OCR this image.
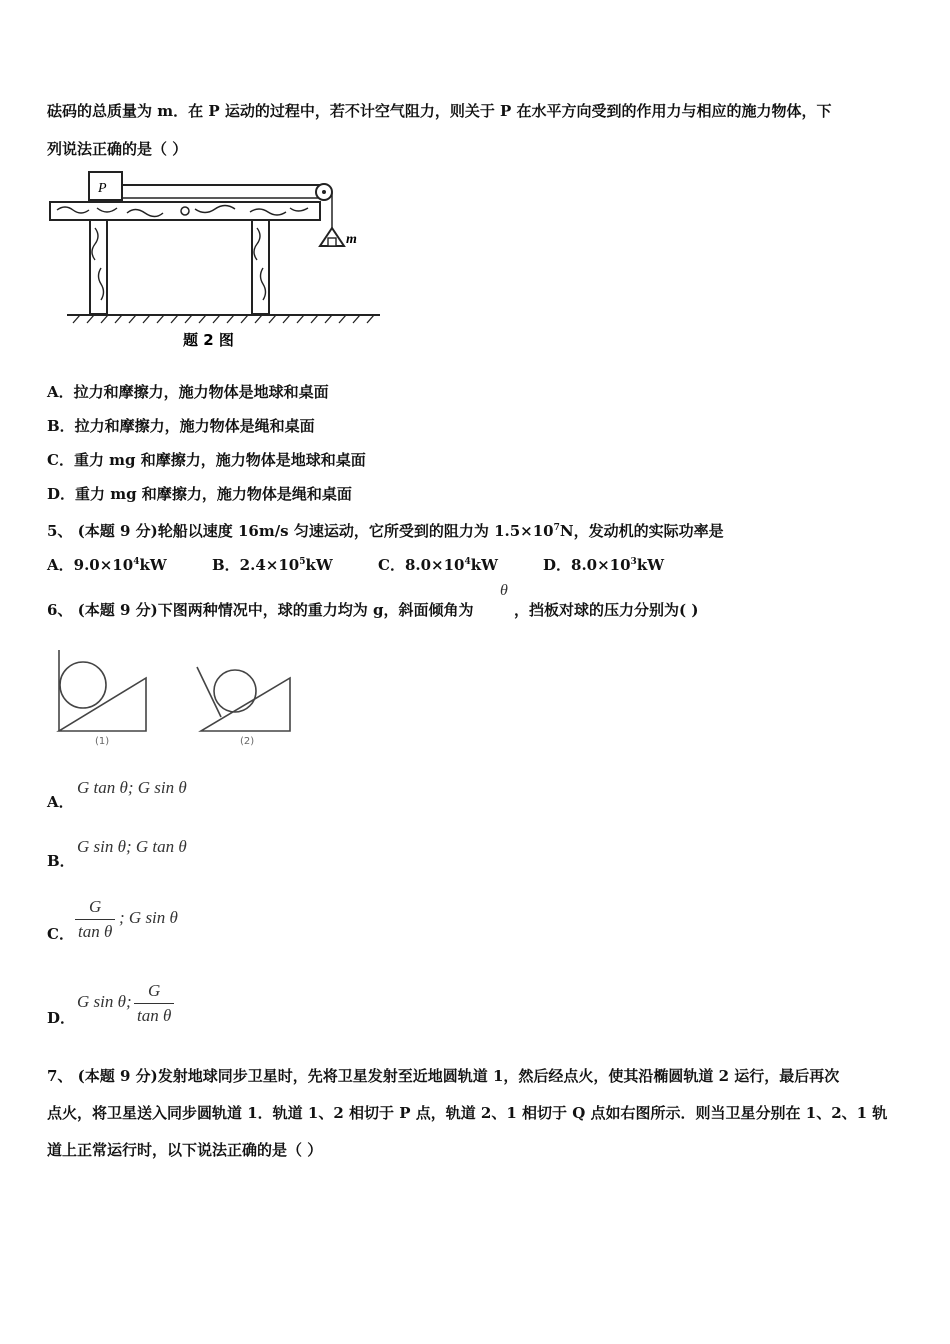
砝码的总质量为 m．在 P 运动的过程中，若不计空气阻力，则关于 P 在水平方向受到的作用力与相应的施力物体，下
列说法正确的是（ ）
P
m
题 2 图
A．拉力和摩擦力，施力物体是地球和桌面
B．拉力和摩擦力，施力物体是绳和桌面
C．重力 mg 和摩擦力，施力物体是地球和桌面
D．重力 mg 和摩擦力，施力物体是绳和桌面
5、 (本题 9 分)轮船以速度 16m/s 匀速运动，它所受到的阻力为 $1.5\times 10^7N$，发动机的实际功率是
A．$9.0\times 10^4kW$	B．$2.4\times 10^5kW$	C．$8.0\times 10^4kW$	D．$8.0\times 10^3kW$
6、 (本题 9 分)下图两种情况中，球的重力均为 g，斜面倾角为
θ
，挡板对球的压力分别为( )
(1)	(2)
A．
G tan θ; G sin θ
B．
G sin θ; G tan θ
C． $\frac{G}{\text{tan θ}}$ ; G sin θ
D．
G sin θ; $\frac{G}{\text{tan θ}}$
7、 (本题 9 分)发射地球同步卫星时，先将卫星发射至近地圆轨道 1，然后经点火，使其沿椭圆轨道 2 运行，最后再次
点火，将卫星送入同步圆轨道 1．轨道 1、2 相切于 P 点，轨道 2、1 相切于 Q 点如右图所示．则当卫星分别在 1、2、1 轨
道上正常运行时，以下说法正确的是（ ）
